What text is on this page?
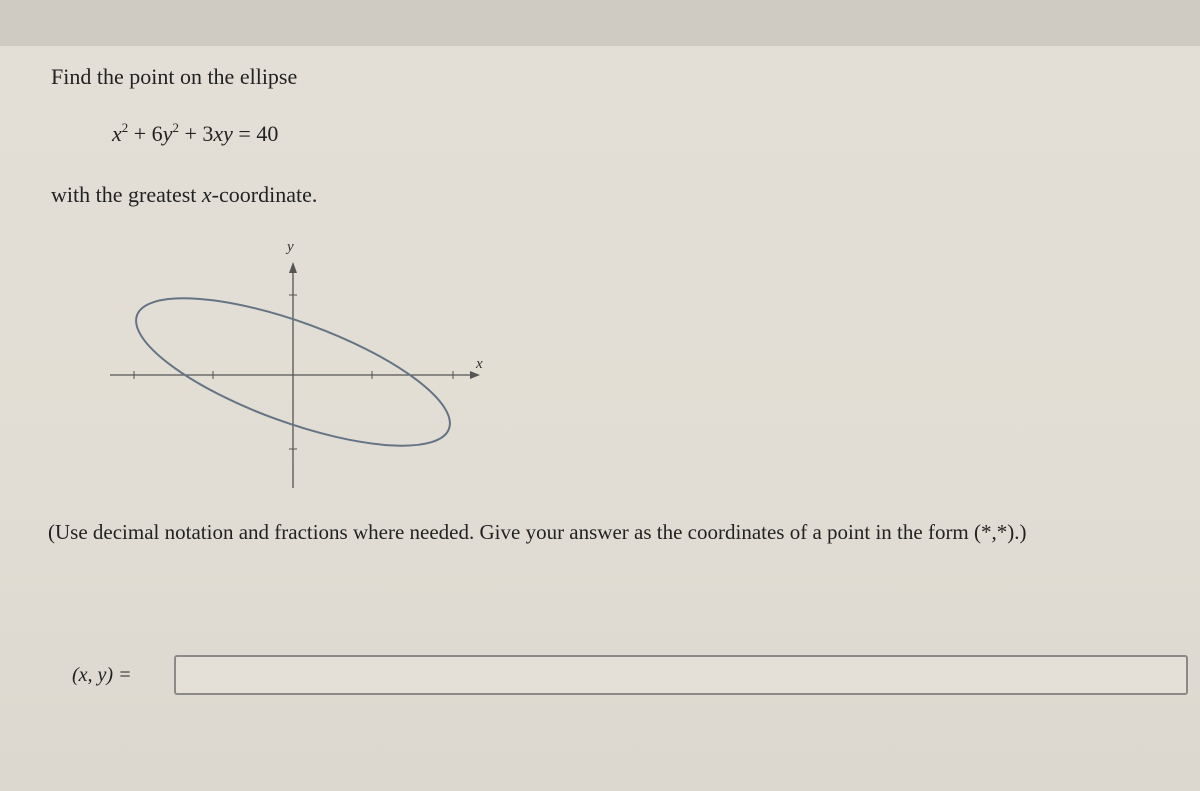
Find the point on the ellipse
$x^2 + 6y^2 + 3xy = 40$
with the greatest x-coordinate.
x
y
(Use decimal notation and fractions where needed. Give your answer as the coordinates of a point in the form (*,*).)
(x, y) =
